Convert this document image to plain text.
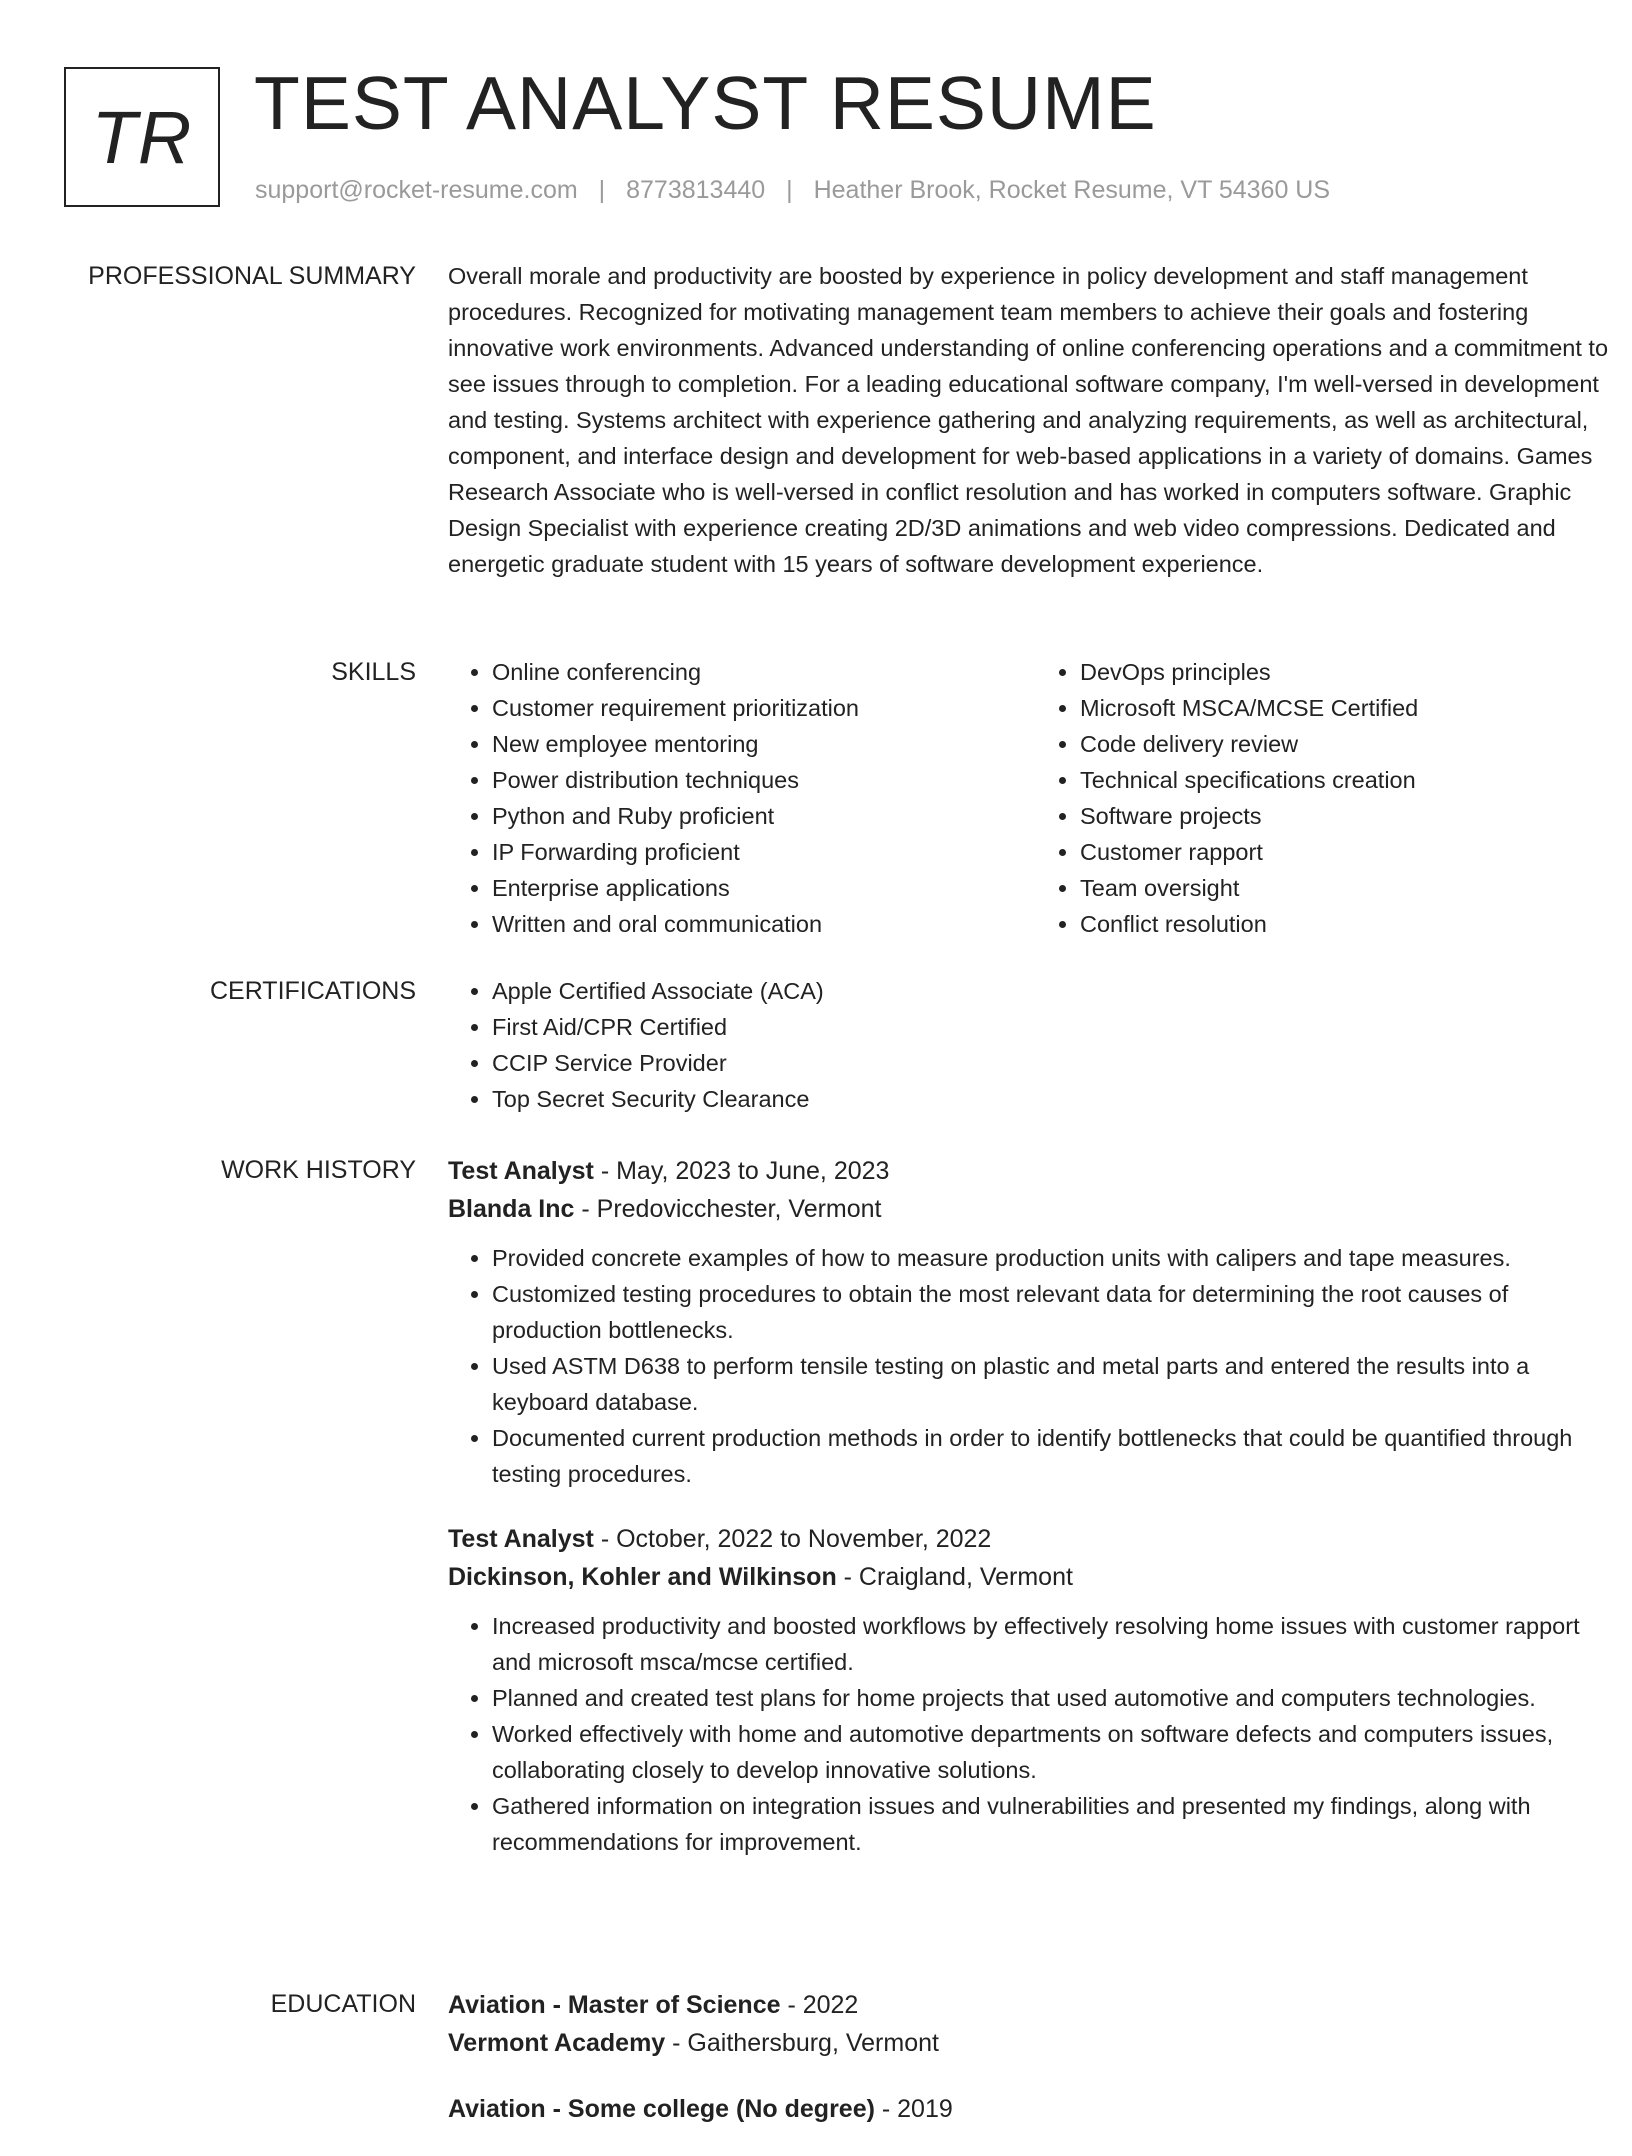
TR TEST ANALYST RESUME
support@rocket-resume.com | 8773813440 | Heather Brook, Rocket Resume, VT 54360 US
PROFESSIONAL SUMMARY Overall morale and productivity are boosted by experience in policy development and staff management procedures. Recognized for motivating management team members to achieve their goals and fostering innovative work environments. Advanced understanding of online conferencing operations and a commitment to see issues through to completion. For a leading educational software company, I'm well-versed in development and testing. Systems architect with experience gathering and analyzing requirements, as well as architectural, component, and interface design and development for web-based applications in a variety of domains. Games Research Associate who is well-versed in conflict resolution and has worked in computers software. Graphic Design Specialist with experience creating 2D/3D animations and web video compressions. Dedicated and energetic graduate student with 15 years of software development experience.

SKILLS	• Online conferencing
• Customer requirement prioritization
• New employee mentoring
• Power distribution techniques
• Python and Ruby proficient
• IP Forwarding proficient
• Enterprise applications
• Written and oral communication
• DevOps principles
• Microsoft MSCA/MCSE Certified
• Code delivery review
• Technical specifications creation
• Software projects
• Customer rapport
• Team oversight
• Conflict resolution
CERTIFICATIONS	• Apple Certified Associate (ACA)
• First Aid/CPR Certified
• CCIP Service Provider
• Top Secret Security Clearance
WORK HISTORY Test Analyst - May, 2023 to June, 2023
Blanda Inc - Predovicchester, Vermont
• Provided concrete examples of how to measure production units with calipers and tape measures.
• Customized testing procedures to obtain the most relevant data for determining the root causes of production bottlenecks.
• Used ASTM D638 to perform tensile testing on plastic and metal parts and entered the results into a keyboard database.
• Documented current production methods in order to identify bottlenecks that could be quantified through testing procedures.
Test Analyst - October, 2022 to November, 2022
Dickinson, Kohler and Wilkinson - Craigland, Vermont
• Increased productivity and boosted workflows by effectively resolving home issues with customer rapport and microsoft msca/mcse certified.
• Planned and created test plans for home projects that used automotive and computers technologies.
• Worked effectively with home and automotive departments on software defects and computers issues, collaborating closely to develop innovative solutions.
• Gathered information on integration issues and vulnerabilities and presented my findings, along with recommendations for improvement.
EDUCATION Aviation - Master of Science - 2022
Vermont Academy - Gaithersburg, Vermont
Aviation - Some college (No degree) - 2019
